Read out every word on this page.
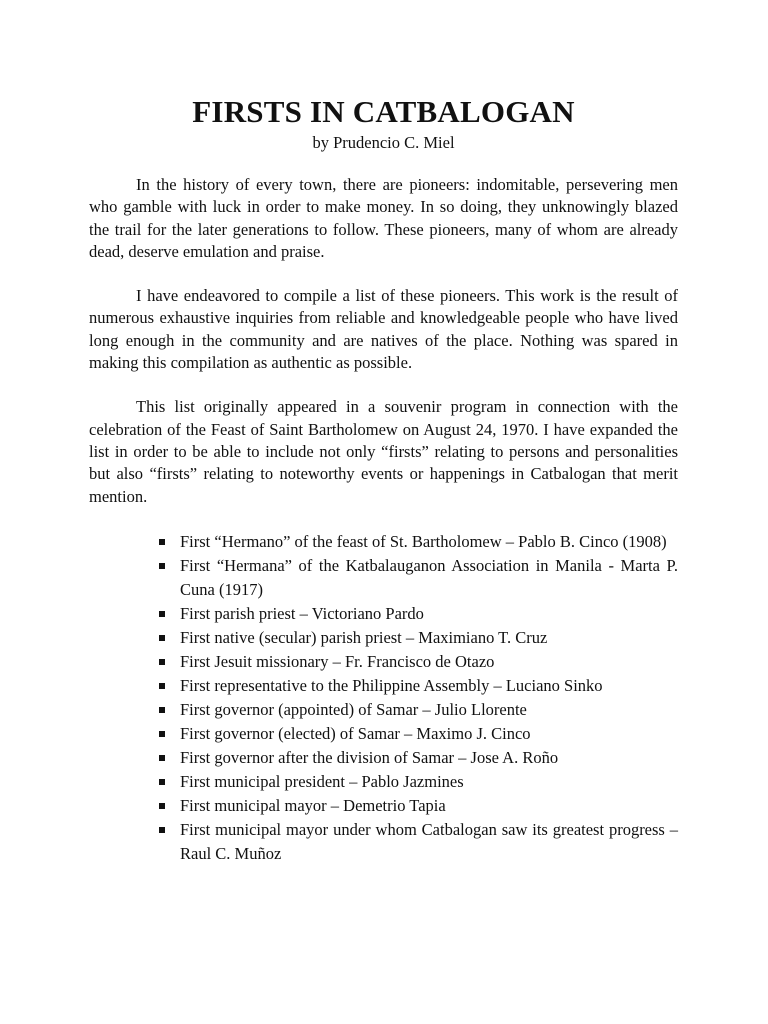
FIRSTS IN CATBALOGAN

by Prudencio C. Miel

In the history of every town, there are pioneers: indomitable, persevering men who gamble with luck in order to make money. In so doing, they unknowingly blazed the trail for the later generations to follow. These pioneers, many of whom are already dead, deserve emulation and praise.

I have endeavored to compile a list of these pioneers. This work is the result of numerous exhaustive inquiries from reliable and knowledgeable people who have lived long enough in the community and are natives of the place. Nothing was spared in making this compilation as authentic as possible.

This list originally appeared in a souvenir program in connection with the celebration of the Feast of Saint Bartholomew on August 24, 1970. I have expanded the list in order to be able to include not only “firsts” relating to persons and personalities but also “firsts” relating to noteworthy events or happenings in Catbalogan that merit mention.

First “Hermano” of the feast of St. Bartholomew – Pablo B. Cinco (1908)
First “Hermana” of the Katbalauganon Association in Manila - Marta P. Cuna (1917)
First parish priest – Victoriano Pardo
First native (secular) parish priest – Maximiano T. Cruz
First Jesuit missionary – Fr. Francisco de Otazo
First representative to the Philippine Assembly – Luciano Sinko
First governor (appointed) of Samar – Julio Llorente
First governor (elected) of Samar – Maximo J. Cinco
First governor after the division of Samar – Jose A. Roño
First municipal president – Pablo Jazmines
First municipal mayor – Demetrio Tapia
First municipal mayor under whom Catbalogan saw its greatest progress – Raul C. Muñoz
